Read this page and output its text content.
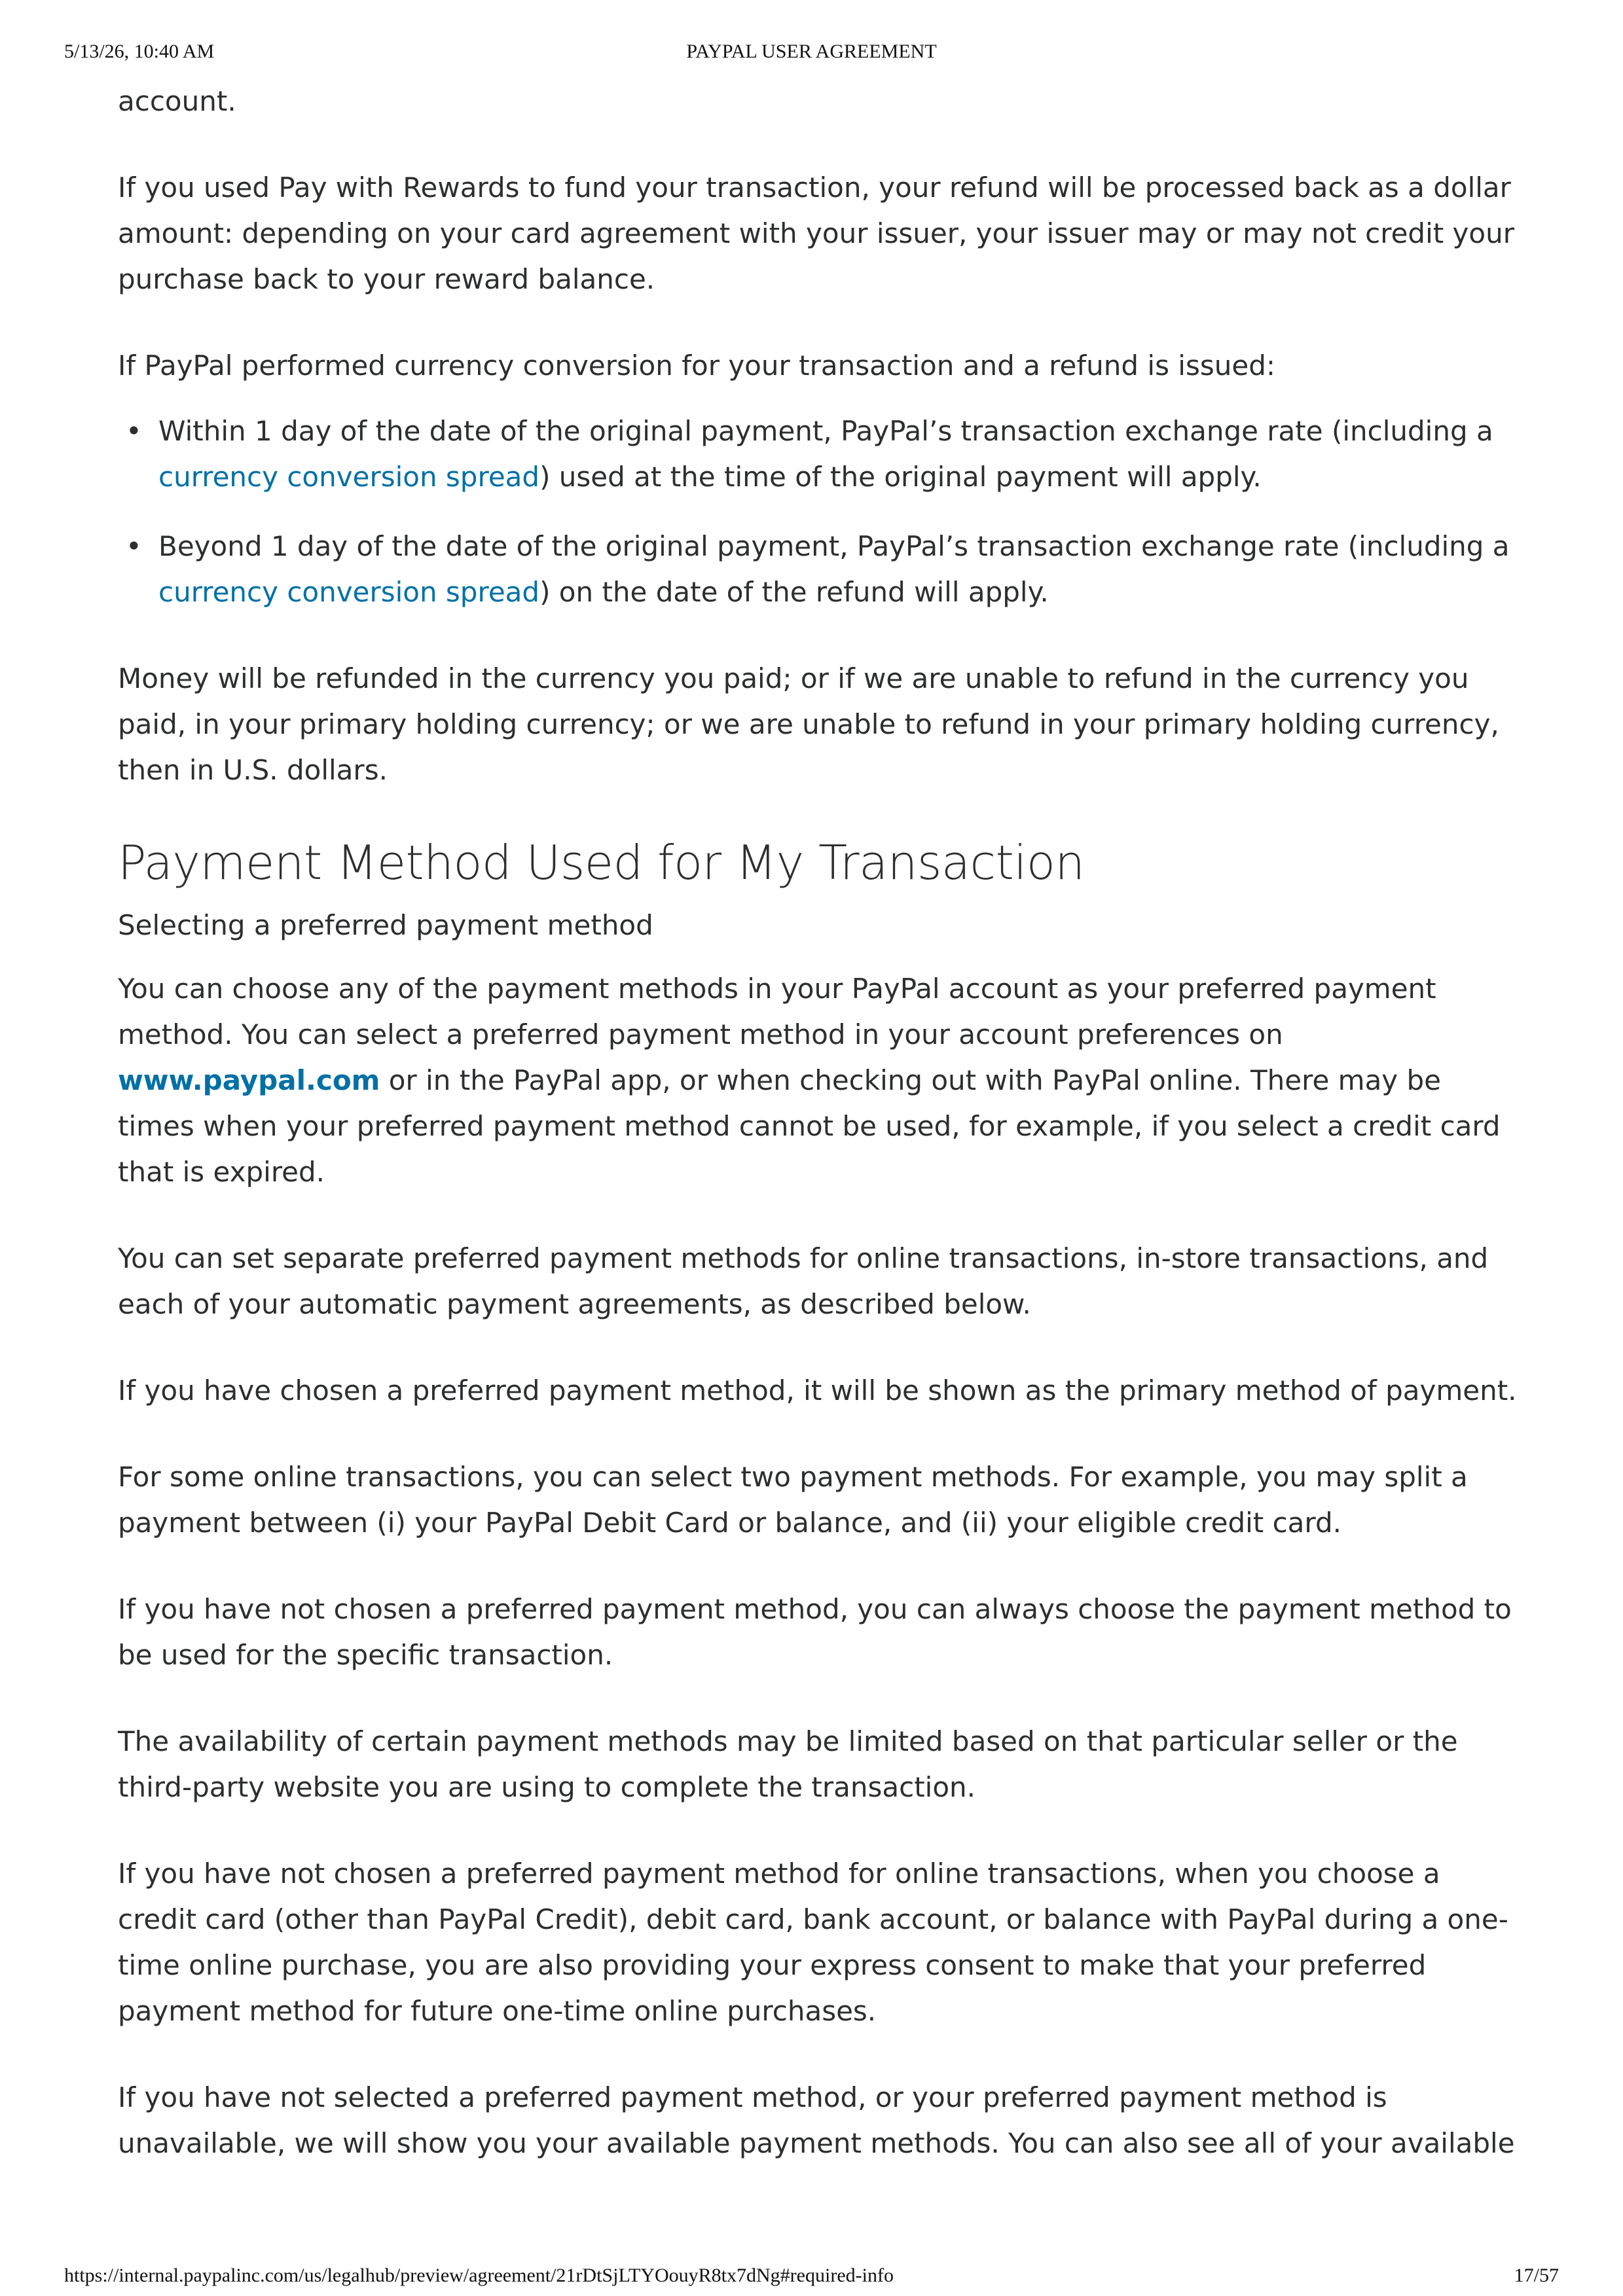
5/13/26, 10:40 AM	PAYPAL USER AGREEMENT

account.

If you used Pay with Rewards to fund your transaction, your refund will be processed back as a dollar amount: depending on your card agreement with your issuer, your issuer may or may not credit your purchase back to your reward balance.

If PayPal performed currency conversion for your transaction and a refund is issued:

• Within 1 day of the date of the original payment, PayPal’s transaction exchange rate (including a currency conversion spread) used at the time of the original payment will apply.
• Beyond 1 day of the date of the original payment, PayPal’s transaction exchange rate (including a currency conversion spread) on the date of the refund will apply.

Money will be refunded in the currency you paid; or if we are unable to refund in the currency you paid, in your primary holding currency; or we are unable to refund in your primary holding currency, then in U.S. dollars.

Payment Method Used for My Transaction
Selecting a preferred payment method

You can choose any of the payment methods in your PayPal account as your preferred payment method. You can select a preferred payment method in your account preferences on www.paypal.com or in the PayPal app, or when checking out with PayPal online. There may be times when your preferred payment method cannot be used, for example, if you select a credit card that is expired.

You can set separate preferred payment methods for online transactions, in-store transactions, and each of your automatic payment agreements, as described below.

If you have chosen a preferred payment method, it will be shown as the primary method of payment.

For some online transactions, you can select two payment methods. For example, you may split a payment between (i) your PayPal Debit Card or balance, and (ii) your eligible credit card.

If you have not chosen a preferred payment method, you can always choose the payment method to be used for the specific transaction.

The availability of certain payment methods may be limited based on that particular seller or the third-party website you are using to complete the transaction.

If you have not chosen a preferred payment method for online transactions, when you choose a credit card (other than PayPal Credit), debit card, bank account, or balance with PayPal during a one-time online purchase, you are also providing your express consent to make that your preferred payment method for future one-time online purchases.

If you have not selected a preferred payment method, or your preferred payment method is unavailable, we will show you your available payment methods. You can also see all of your available

https://internal.paypalinc.com/us/legalhub/preview/agreement/21rDtSjLTYOouyR8tx7dNg#required-info	17/57
